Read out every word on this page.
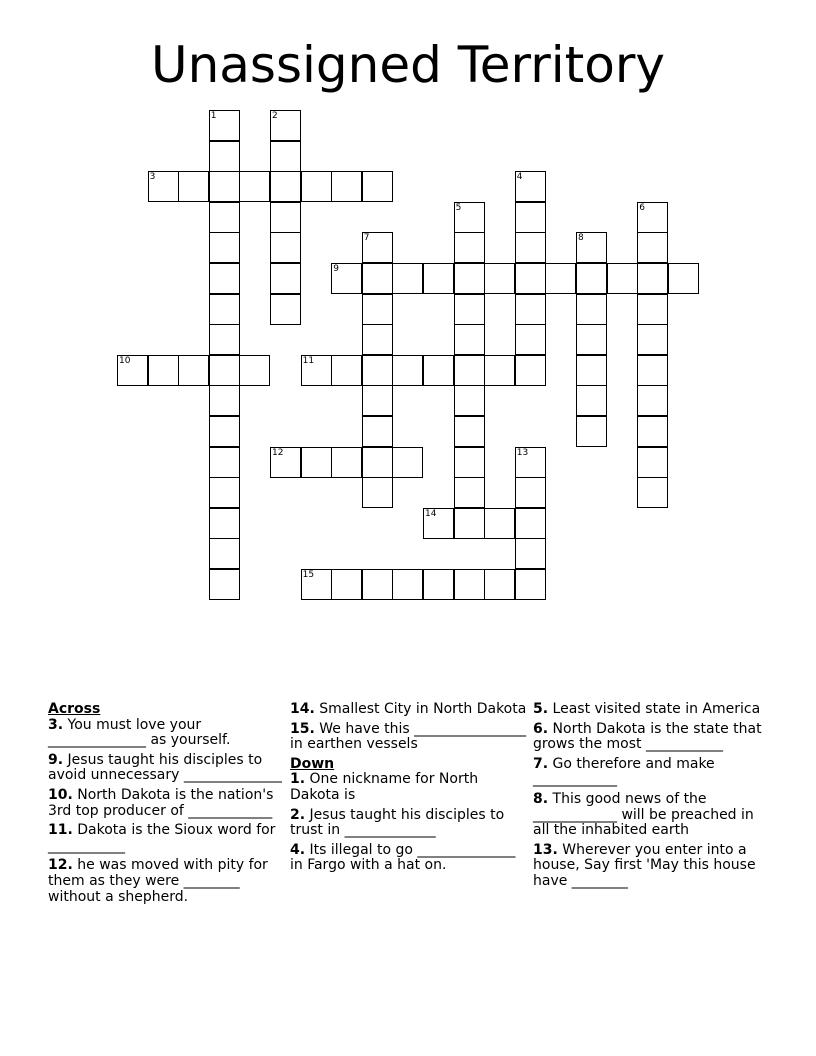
Unassigned Territory
1	2
3	4
5	6
7	8
9
10	11
12	13
14
15

Across

3. You must love your ______________ as yourself.

9. Jesus taught his disciples to avoid unnecessary ______________

10. North Dakota is the nation's 3rd top producer of ____________

11. Dakota is the Sioux word for ___________

12. he was moved with pity for them as they were ________ without a shepherd.

14. Smallest City in North Dakota

15. We have this ________________ in earthen vessels

Down

1. One nickname for North Dakota is

2. Jesus taught his disciples to trust in _____________

4. Its illegal to go ______________ in Fargo with a hat on.

5. Least visited state in America

6. North Dakota is the state that grows the most ___________

7. Go therefore and make ____________

8. This good news of the ____________ will be preached in all the inhabited earth

13. Wherever you enter into a house, Say first 'May this house have ________
